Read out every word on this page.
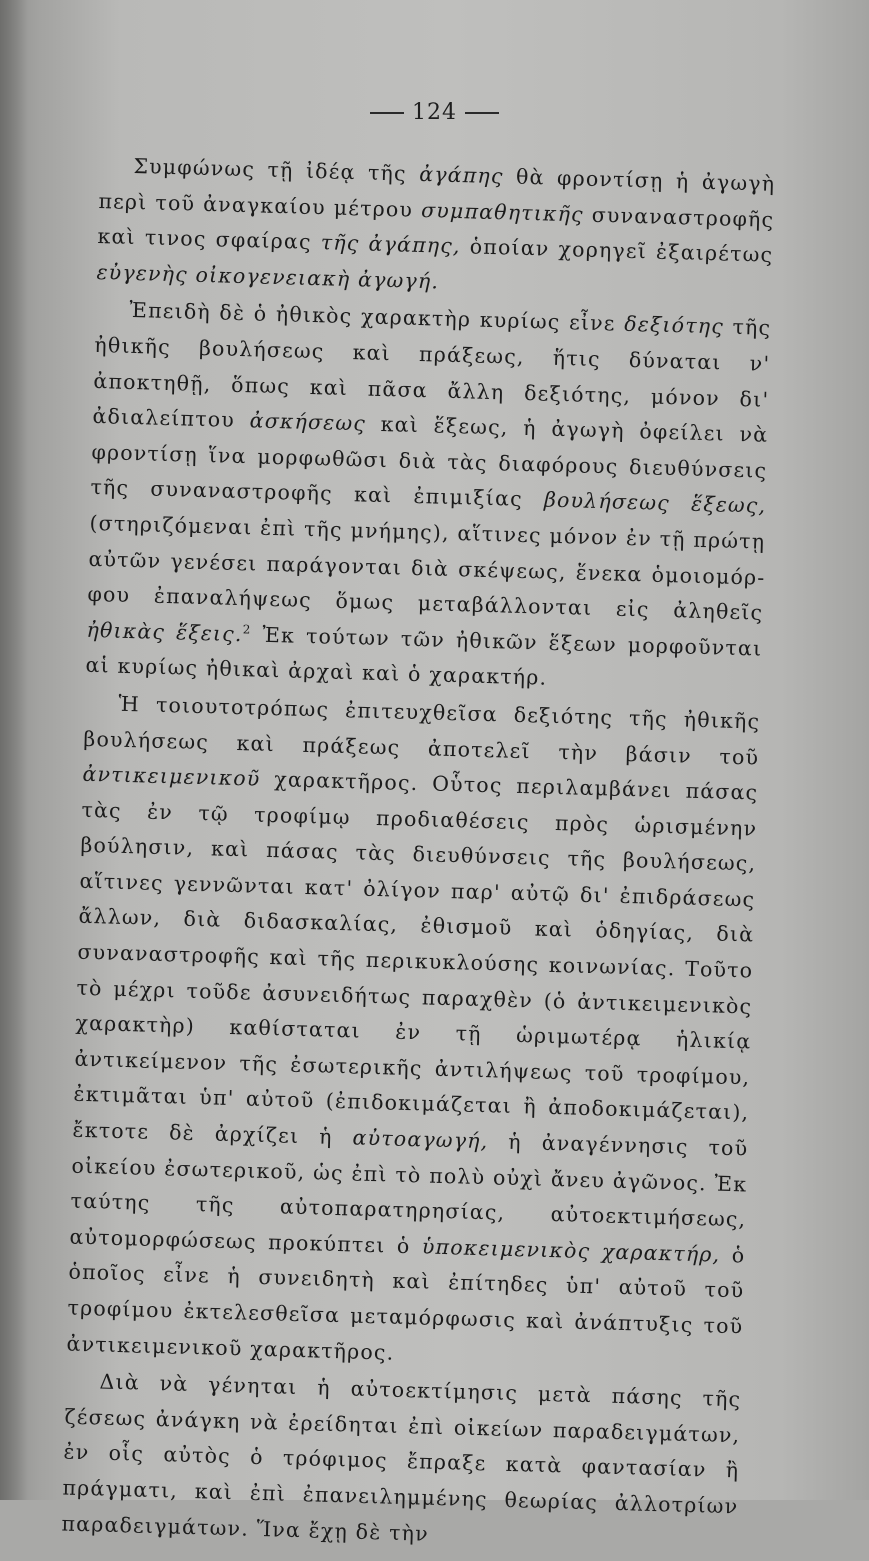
124

Συμφώνως τῇ ἰδέᾳ τῆς ἀγάπης θὰ φροντίσῃ ἡ ἀγωγὴ περὶ τοῦ ἀναγκαίου μέτρου συμπαθητικῆς συναναστροφῆς καὶ τινος σφαίρας τῆς ἀγάπης, ὁποίαν χορηγεῖ ἐξαιρέτως εὐγενὴς οἰκογενειακὴ ἀγωγή.

Ἐπειδὴ δὲ ὁ ἠθικὸς χαρακτὴρ κυρίως εἶνε δεξιότης τῆς ἠθικῆς βουλήσεως καὶ πράξεως, ἥτις δύναται ν' ἀποκτηθῇ, ὅπως καὶ πᾶσα ἄλλη δεξιότης, μόνον δι' ἀδιαλείπτου ἀσκήσεως καὶ ἕξεως, ἡ ἀγωγὴ ὀφείλει νὰ φροντίσῃ ἵνα μορφωθῶσι διὰ τὰς διαφόρους διευθύνσεις τῆς συναναστροφῆς καὶ ἐπιμιξίας βουλήσεως ἕξεως, (στηριζόμεναι ἐπὶ τῆς μνήμης), αἵτινες μόνον ἐν τῇ πρώτῃ αὐτῶν γενέσει παράγονται διὰ σκέψεως, ἕνεκα ὁμοιομόρφου ἐπαναλήψεως ὅμως μεταβάλλονται εἰς ἀληθεῖς ἠθικὰς ἕξεις.$^2$ Ἐκ τούτων τῶν ἠθικῶν ἕξεων μορφοῦνται αἱ κυρίως ἠθικαὶ ἀρχαὶ καὶ ὁ χαρακτήρ.

Ἡ τοιουτοτρόπως ἐπιτευχθεῖσα δεξιότης τῆς ἠθικῆς βουλήσεως καὶ πράξεως ἀποτελεῖ τὴν βάσιν τοῦ ἀντικειμενικοῦ χαρακτῆρος. Οὗτος περιλαμβάνει πάσας τὰς ἐν τῷ τροφίμῳ προδιαθέσεις πρὸς ὡρισμένην βούλησιν, καὶ πάσας τὰς διευθύνσεις τῆς βουλήσεως, αἵτινες γεννῶνται κατ' ὀλίγον παρ' αὐτῷ δι' ἐπιδράσεως ἄλλων, διὰ διδασκαλίας, ἐθισμοῦ καὶ ὁδηγίας, διὰ συναναστροφῆς καὶ τῆς περικυκλούσης κοινωνίας. Τοῦτο τὸ μέχρι τοῦδε ἀσυνειδήτως παραχθὲν (ὁ ἀντικειμενικὸς χαρακτὴρ) καθίσταται ἐν τῇ ὡριμωτέρᾳ ἡλικίᾳ ἀντικείμενον τῆς ἐσωτερικῆς ἀντιλήψεως τοῦ τροφίμου, ἐκτιμᾶται ὑπ' αὐτοῦ (ἐπιδοκιμάζεται ἢ ἀποδοκιμάζεται), ἔκτοτε δὲ ἀρχίζει ἡ αὐτοαγωγή, ἡ ἀναγέννησις τοῦ οἰκείου ἐσωτερικοῦ, ὡς ἐπὶ τὸ πολὺ οὐχὶ ἄνευ ἀγῶνος. Ἐκ ταύτης τῆς αὐτοπαρατηρησίας, αὐτοεκτιμήσεως, αὐτομορφώσεως προκύπτει ὁ ὑποκειμενικὸς χαρακτήρ, ὁ ὁποῖος εἶνε ἡ συνειδητὴ καὶ ἐπίτηδες ὑπ' αὐτοῦ τοῦ τροφίμου ἐκτελεσθεῖσα μεταμόρφωσις καὶ ἀνάπτυξις τοῦ ἀντικειμενικοῦ χαρακτῆρος.

Διὰ νὰ γένηται ἡ αὐτοεκτίμησις μετὰ πάσης τῆς ζέσεως ἀνάγκη νὰ ἐρείδηται ἐπὶ οἰκείων παραδειγμάτων, ἐν οἷς αὐτὸς ὁ τρόφιμος ἔπραξε κατὰ φαντασίαν ἢ πράγματι, καὶ ἐπὶ ἐπανειλημμένης θεωρίας ἀλλοτρίων παραδειγμάτων. Ἵνα ἔχῃ δὲ τὴν
